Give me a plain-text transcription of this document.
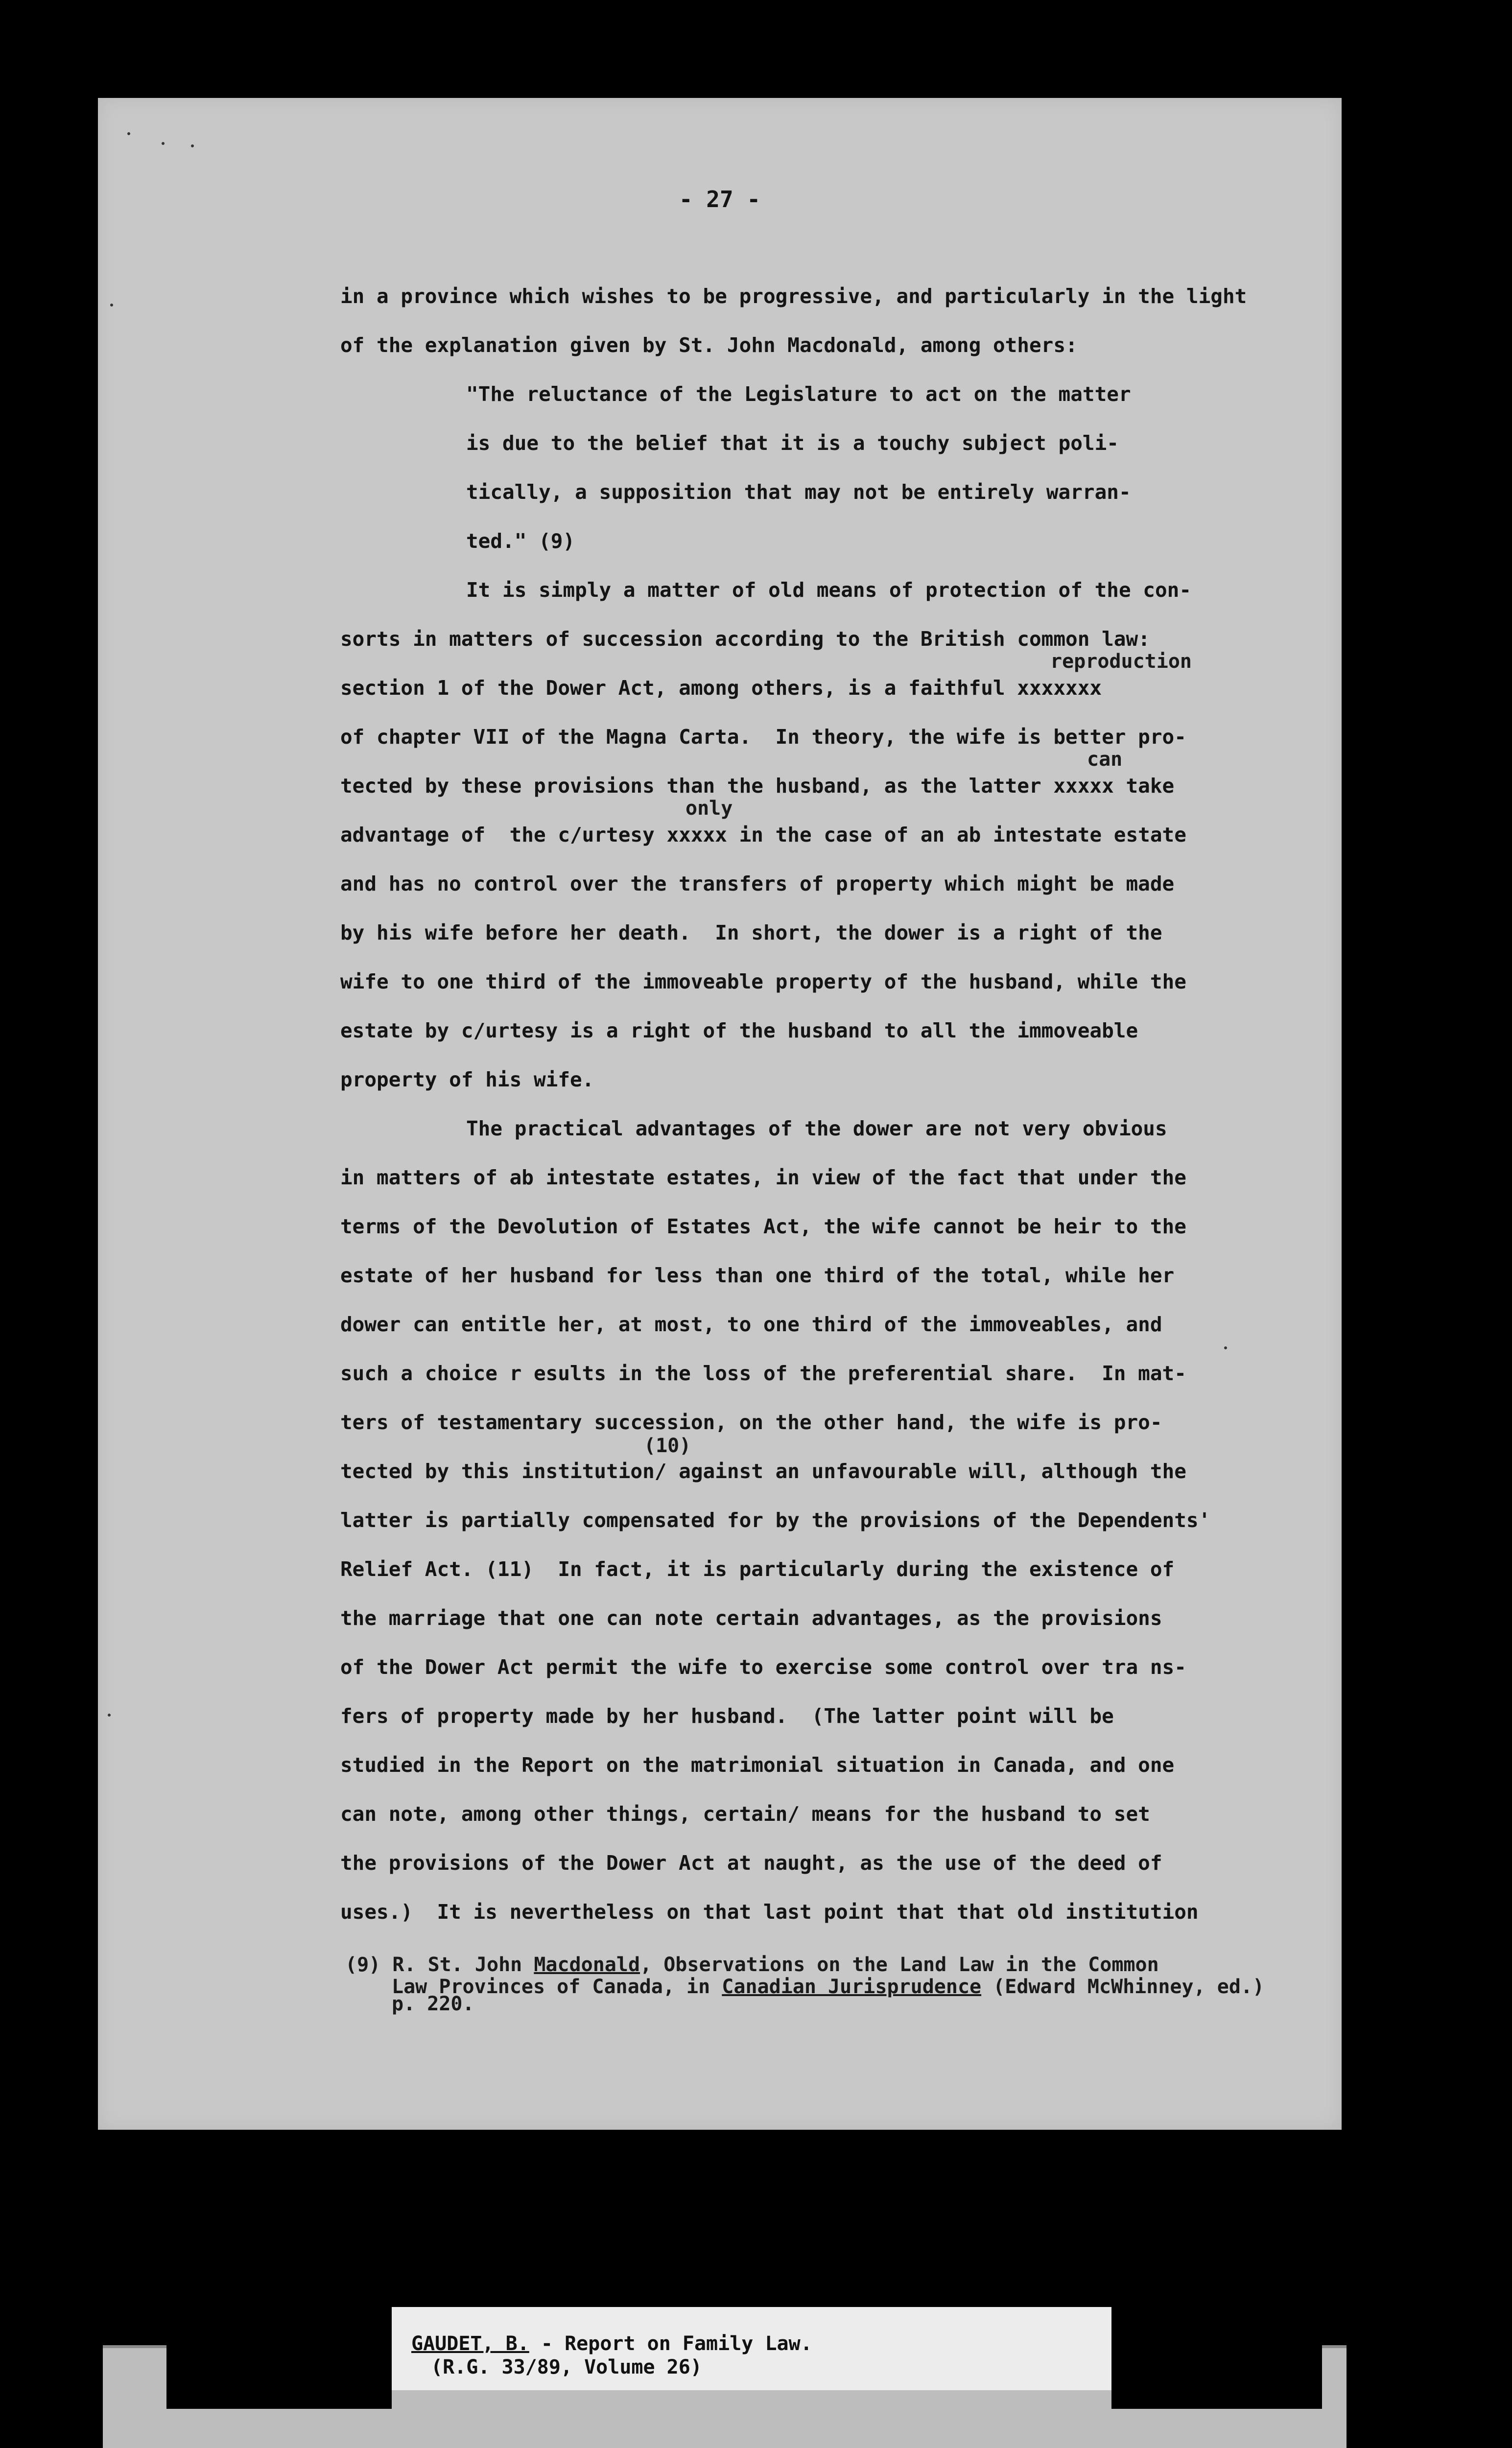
- 27 -
in a province which wishes to be progressive, and particularly in the light
of the explanation given by St. John Macdonald, among others:
"The reluctance of the Legislature to act on the matter
is due to the belief that it is a touchy subject poli-
tically, a supposition that may not be entirely warran-
ted." (9)
It is simply a matter of old means of protection of the con-
sorts in matters of succession according to the British common law:
reproduction
section 1 of the Dower Act, among others, is a faithful xxxxxxx
of chapter VII of the Magna Carta.  In theory, the wife is better pro-
can
tected by these provisions than the husband, as the latter xxxxx take
only
advantage of  the c/urtesy xxxxx in the case of an ab intestate estate
and has no control over the transfers of property which might be made
by his wife before her death.  In short, the dower is a right of the
wife to one third of the immoveable property of the husband, while the
estate by c/urtesy is a right of the husband to all the immoveable
property of his wife.
The practical advantages of the dower are not very obvious
in matters of ab intestate estates, in view of the fact that under the
terms of the Devolution of Estates Act, the wife cannot be heir to the
estate of her husband for less than one third of the total, while her
dower can entitle her, at most, to one third of the immoveables, and
such a choice r esults in the loss of the preferential share.  In mat-
ters of testamentary succession, on the other hand, the wife is pro-
(10)
tected by this institution/ against an unfavourable will, although the
latter is partially compensated for by the provisions of the Dependents'
Relief Act. (11)  In fact, it is particularly during the existence of
the marriage that one can note certain advantages, as the provisions
of the Dower Act permit the wife to exercise some control over tra ns-
fers of property made by her husband.  (The latter point will be
studied in the Report on the matrimonial situation in Canada, and one
can note, among other things, certain/ means for the husband to set
the provisions of the Dower Act at naught, as the use of the deed of
uses.)  It is nevertheless on that last point that that old institution
(9) R. St. John Macdonald, Observations on the Land Law in the Common
Law Provinces of Canada, in Canadian Jurisprudence (Edward McWhinney, ed.)
p. 220.
GAUDET, B. - Report on Family Law.
(R.G. 33/89, Volume 26)
